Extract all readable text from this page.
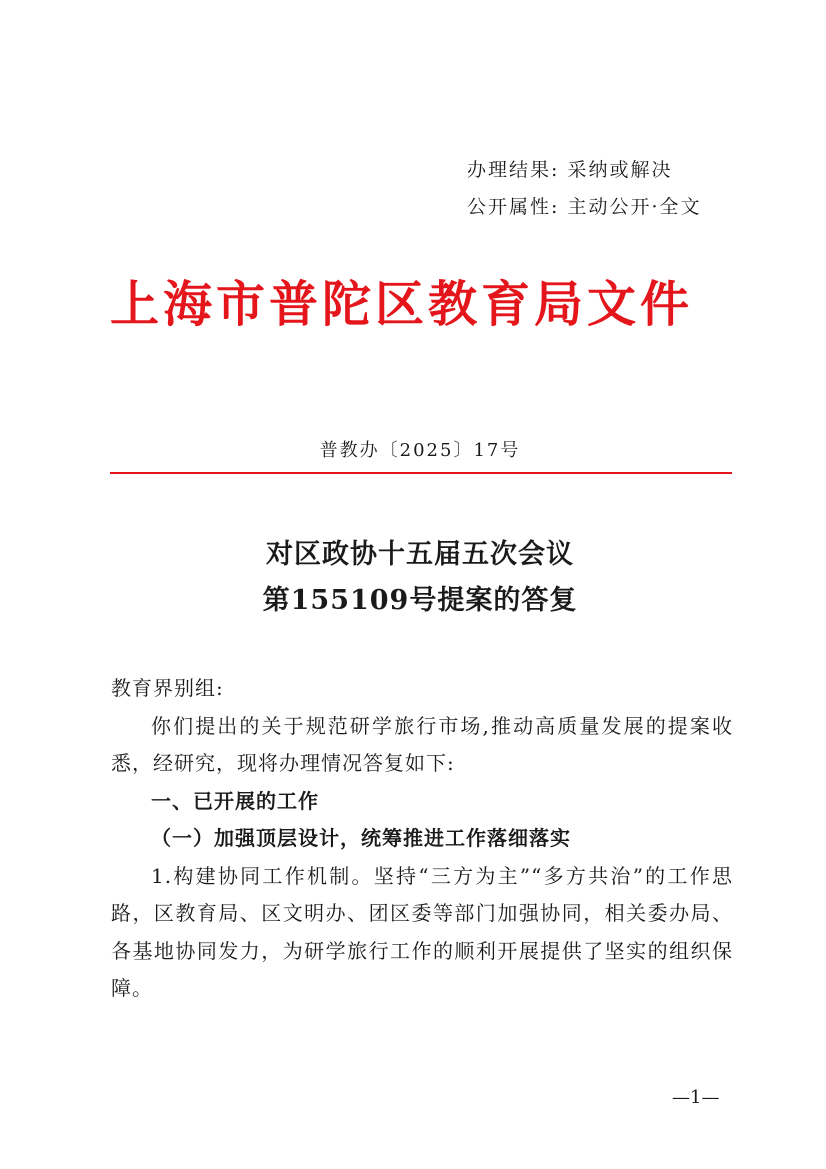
办理结果: 采纳或解决
公开属性: 主动公开·全文
上海市普陀区教育局文件
普教办〔2025〕17号
对区政协十五届五次会议
第155109号提案的答复

教育界别组:

你们提出的关于规范研学旅行市场,推动高质量发展的提案收悉，经研究，现将办理情况答复如下:

一、已开展的工作

（一）加强顶层设计，统筹推进工作落细落实

1.构建协同工作机制。坚持“三方为主”“多方共治”的工作思路，区教育局、区文明办、团区委等部门加强协同，相关委办局、各基地协同发力，为研学旅行工作的顺利开展提供了坚实的组织保障。

—1—
